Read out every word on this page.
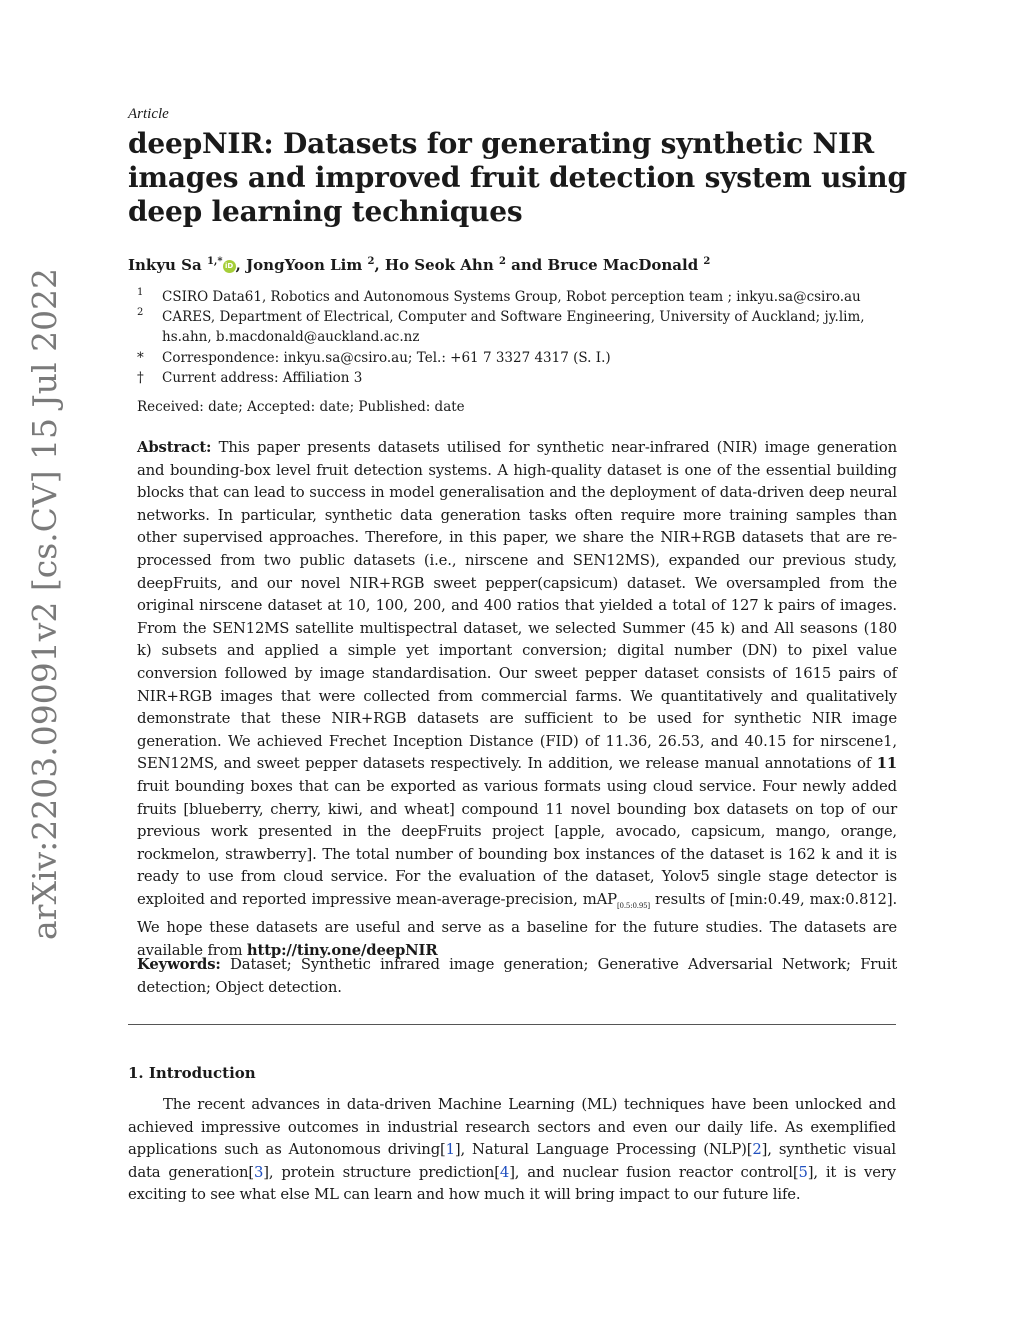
arXiv:2203.09091v2 [cs.CV] 15 Jul 2022
Article
deepNIR: Datasets for generating synthetic NIR images and improved fruit detection system using deep learning techniques
Inkyu Sa $^{1,*}$ iD , JongYoon Lim $^2$, Ho Seok Ahn $^2$ and Bruce MacDonald $^2$
1	CSIRO Data61, Robotics and Autonomous Systems Group, Robot perception team ; inkyu.sa@csiro.au
2	CARES, Department of Electrical, Computer and Software Engineering, University of Auckland; jy.lim, hs.ahn, b.macdonald@auckland.ac.nz
*	Correspondence: inkyu.sa@csiro.au; Tel.: +61 7 3327 4317 (S. I.)
†	Current address: Affiliation 3
Received: date; Accepted: date; Published: date

Abstract: This paper presents datasets utilised for synthetic near-infrared (NIR) image generation and bounding-box level fruit detection systems. A high-quality dataset is one of the essential building blocks that can lead to success in model generalisation and the deployment of data-driven deep neural networks. In particular, synthetic data generation tasks often require more training samples than other supervised approaches. Therefore, in this paper, we share the NIR+RGB datasets that are re-processed from two public datasets (i.e., nirscene and SEN12MS), expanded our previous study, deepFruits, and our novel NIR+RGB sweet pepper(capsicum) dataset. We oversampled from the original nirscene dataset at 10, 100, 200, and 400 ratios that yielded a total of 127 k pairs of images. From the SEN12MS satellite multispectral dataset, we selected Summer (45 k) and All seasons (180 k) subsets and applied a simple yet important conversion; digital number (DN) to pixel value conversion followed by image standardisation. Our sweet pepper dataset consists of 1615 pairs of NIR+RGB images that were collected from commercial farms. We quantitatively and qualitatively demonstrate that these NIR+RGB datasets are sufficient to be used for synthetic NIR image generation. We achieved Frechet Inception Distance (FID) of 11.36, 26.53, and 40.15 for nirscene1, SEN12MS, and sweet pepper datasets respectively. In addition, we release manual annotations of 11 fruit bounding boxes that can be exported as various formats using cloud service. Four newly added fruits [blueberry, cherry, kiwi, and wheat] compound 11 novel bounding box datasets on top of our previous work presented in the deepFruits project [apple, avocado, capsicum, mango, orange, rockmelon, strawberry]. The total number of bounding box instances of the dataset is 162 k and it is ready to use from cloud service. For the evaluation of the dataset, Yolov5 single stage detector is exploited and reported impressive mean-average-precision, mAP$_{[0.5:0.95]}$ results of [min:0.49, max:0.812]. We hope these datasets are useful and serve as a baseline for the future studies. The datasets are available from http://tiny.one/deepNIR

Keywords: Dataset; Synthetic infrared image generation; Generative Adversarial Network; Fruit detection; Object detection.

1. Introduction

The recent advances in data-driven Machine Learning (ML) techniques have been unlocked and achieved impressive outcomes in industrial research sectors and even our daily life. As exemplified applications such as Autonomous driving[1], Natural Language Processing (NLP)[2], synthetic visual data generation[3], protein structure prediction[4], and nuclear fusion reactor control[5], it is very exciting to see what else ML can learn and how much it will bring impact to our future life.
